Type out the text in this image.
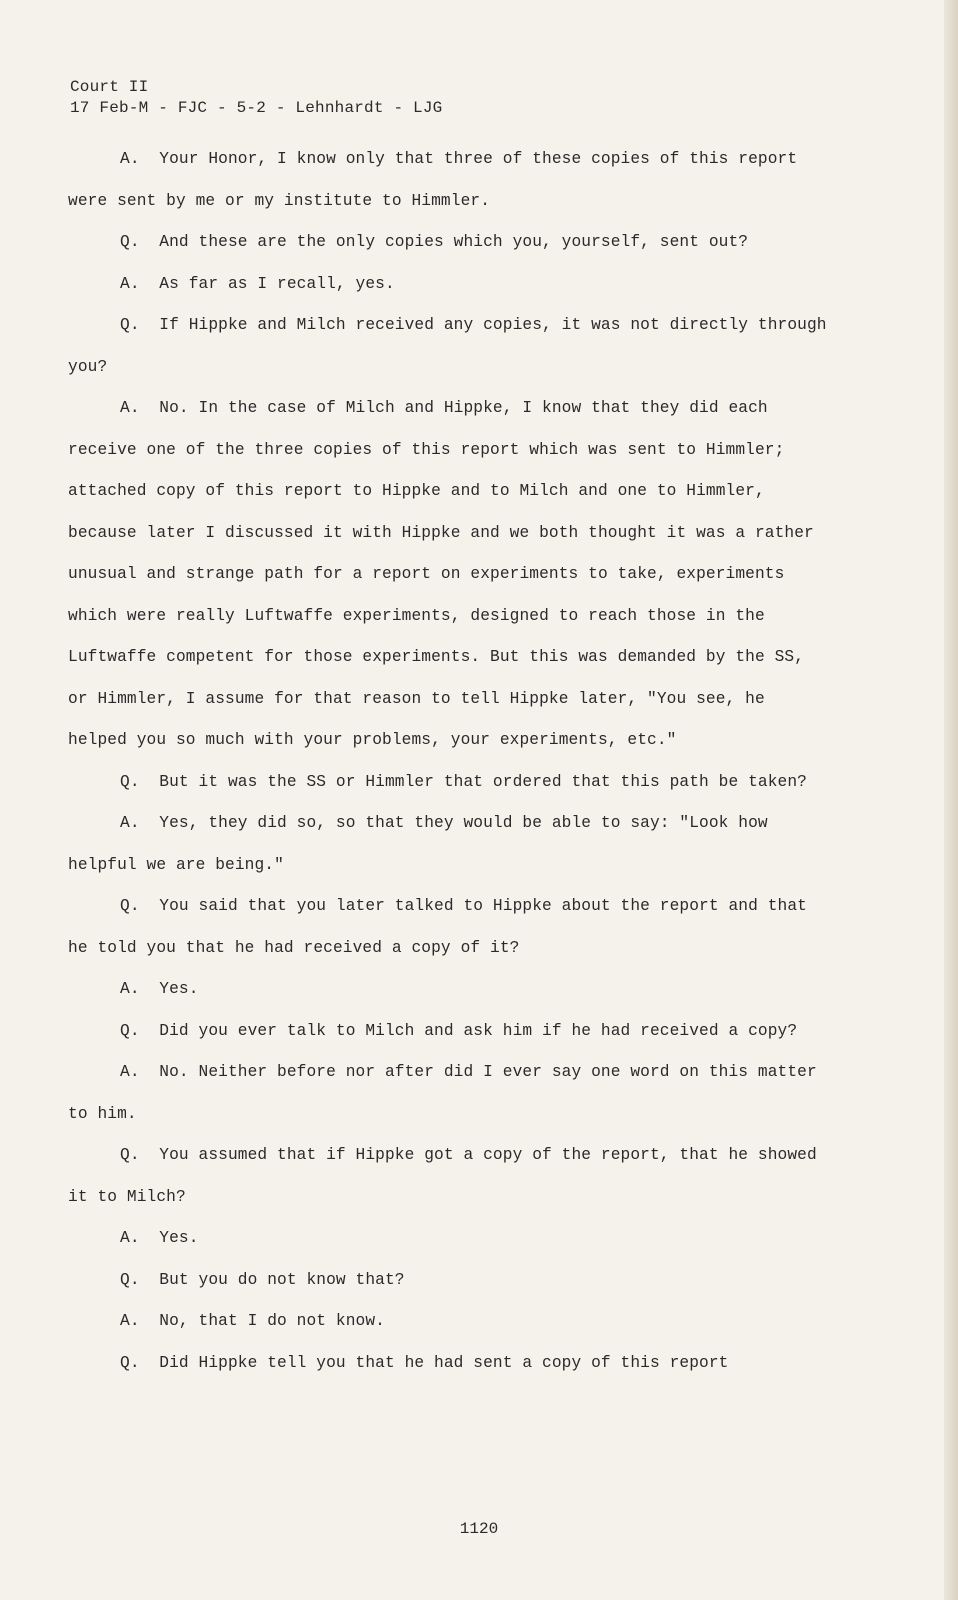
Court II
17 Feb-M - FJC - 5-2 - Lehnhardt - LJG

A.  Your Honor, I know only that three of these copies of this report were sent by me or my institute to Himmler.

Q.  And these are the only copies which you, yourself, sent out?

A.  As far as I recall, yes.

Q.  If Hippke and Milch received any copies, it was not directly through you?

A.  No. In the case of Milch and Hippke, I know that they did each receive one of the three copies of this report which was sent to Himmler; attached copy of this report to Hippke and to Milch and one to Himmler, because later I discussed it with Hippke and we both thought it was a rather unusual and strange path for a report on experiments to take, experiments which were really Luftwaffe experiments, designed to reach those in the Luftwaffe competent for those experiments. But this was demanded by the SS, or Himmler, I assume for that reason to tell Hippke later, "You see, he helped you so much with your problems, your experiments, etc."

Q.  But it was the SS or Himmler that ordered that this path be taken?

A.  Yes, they did so, so that they would be able to say: "Look how helpful we are being."

Q.  You said that you later talked to Hippke about the report and that he told you that he had received a copy of it?

A.  Yes.

Q.  Did you ever talk to Milch and ask him if he had received a copy?

A.  No. Neither before nor after did I ever say one word on this matter to him.

Q.  You assumed that if Hippke got a copy of the report, that he showed it to Milch?

A.  Yes.

Q.  But you do not know that?

A.  No, that I do not know.

Q.  Did Hippke tell you that he had sent a copy of this report

1120
